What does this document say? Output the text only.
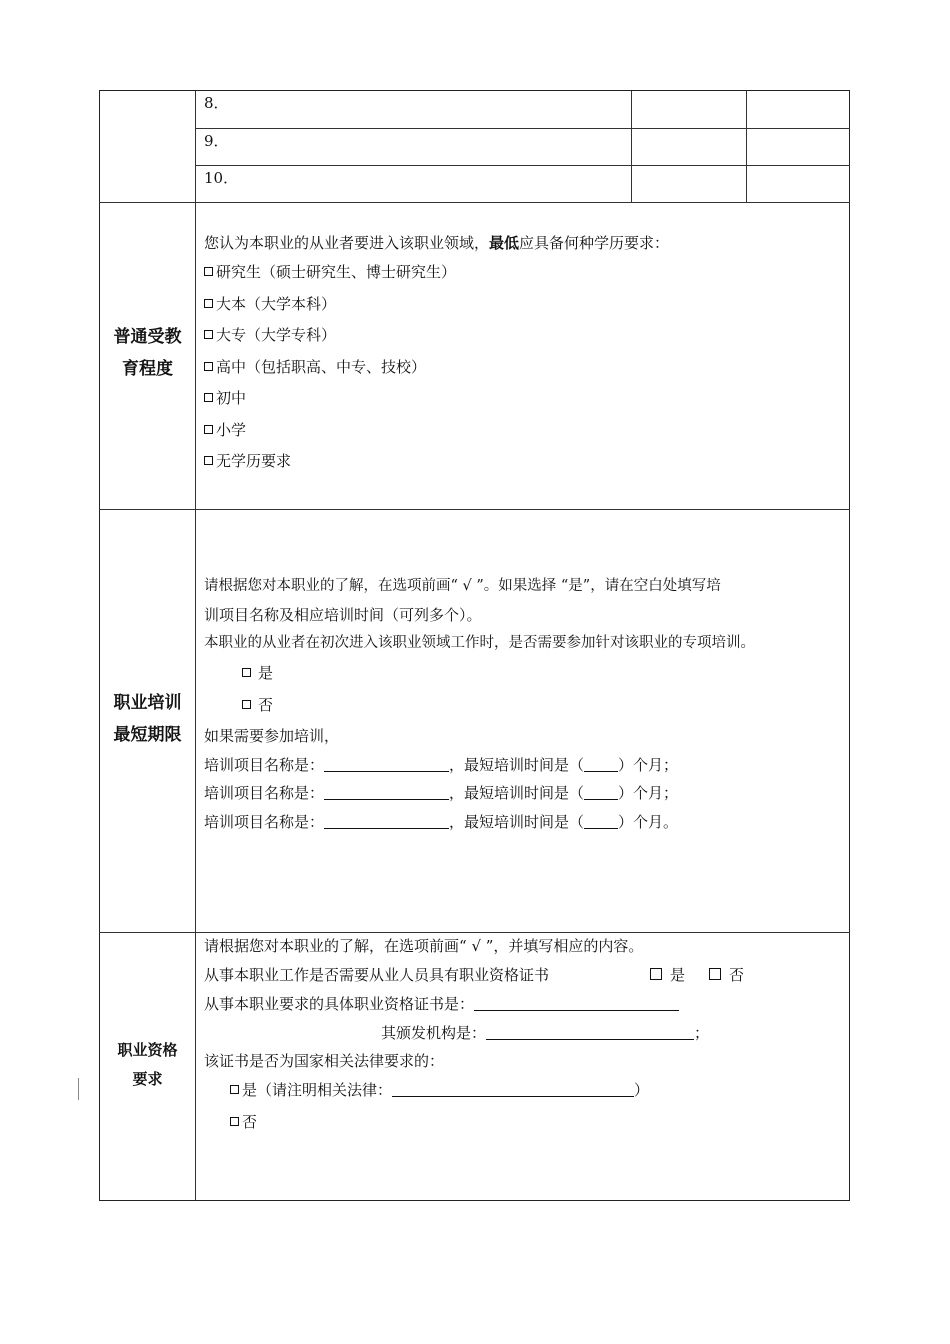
8．
9．
10．
普通受教
育程度
您认为本职业的从业者要进入该职业领域，最低应具备何种学历要求：
研究生（硕士研究生、博士研究生）
大本（大学本科）
大专（大学专科）
高中（包括职高、中专、技校）
初中
小学
无学历要求
职业培训
最短期限
请根据您对本职业的了解，在选项前画“ √ ”。如果选择 “是”，请在空白处填写培
训项目名称及相应培训时间（可列多个）。
本职业的从业者在初次进入该职业领域工作时，是否需要参加针对该职业的专项培训。
是
否
如果需要参加培训，
培训项目名称是：	，最短培训时间是（ ）个月；
培训项目名称是：	，最短培训时间是（ ）个月；
培训项目名称是：	，最短培训时间是（ ）个月。
职业资格
要求
请根据您对本职业的了解，在选项前画“ √ ”，并填写相应的内容。
从事本职业工作是否需要从业人员具有职业资格证书	是	否
从事本职业要求的具体职业资格证书是：
其颁发机构是：	；
该证书是否为国家相关法律要求的：
是（请注明相关法律：	）
否
